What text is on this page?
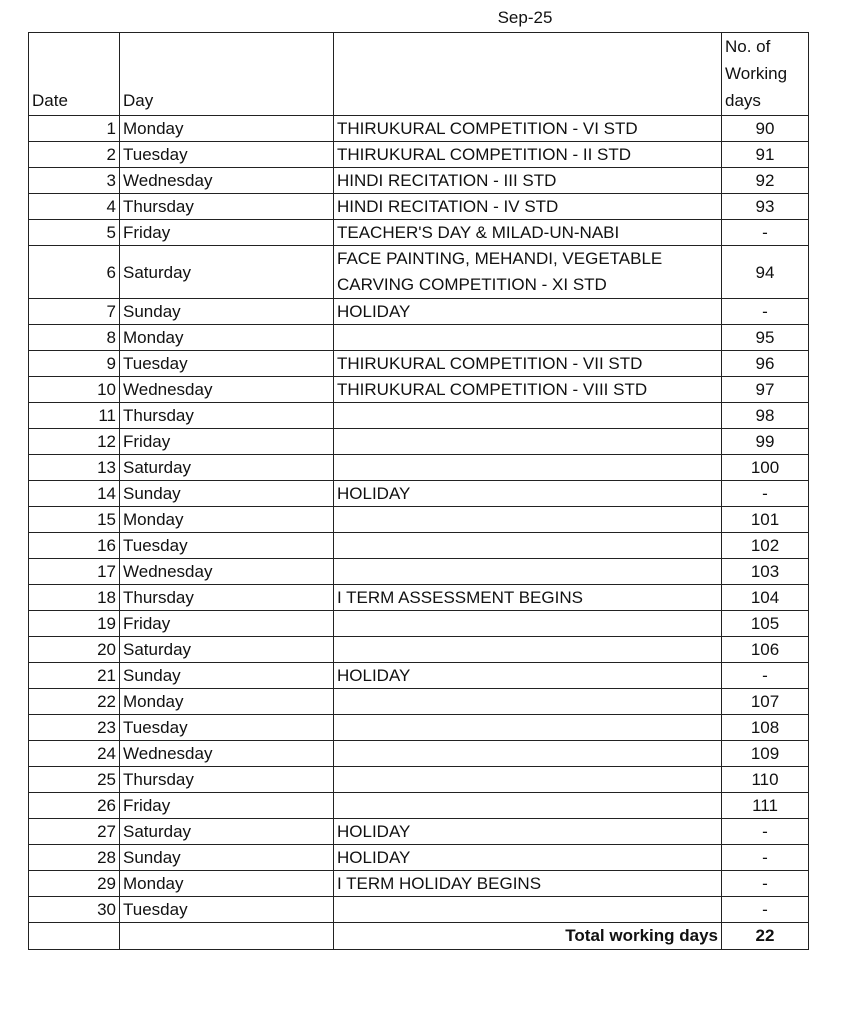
Sep-25
Date	Day		No. of Working days
1	Monday	THIRUKURAL COMPETITION - VI STD	90
2	Tuesday	THIRUKURAL COMPETITION - II STD	91
3	Wednesday	HINDI RECITATION - III STD	92
4	Thursday	HINDI RECITATION - IV STD	93
5	Friday	TEACHER'S DAY & MILAD-UN-NABI	-
6	Saturday	FACE PAINTING, MEHANDI, VEGETABLE CARVING COMPETITION - XI STD	94
7	Sunday	HOLIDAY	-
8	Monday		95
9	Tuesday	THIRUKURAL COMPETITION - VII STD	96
10	Wednesday	THIRUKURAL COMPETITION - VIII STD	97
11	Thursday		98
12	Friday		99
13	Saturday		100
14	Sunday	HOLIDAY	-
15	Monday		101
16	Tuesday		102
17	Wednesday		103
18	Thursday	I TERM ASSESSMENT BEGINS	104
19	Friday		105
20	Saturday		106
21	Sunday	HOLIDAY	-
22	Monday		107
23	Tuesday		108
24	Wednesday		109
25	Thursday		110
26	Friday		111
27	Saturday	HOLIDAY	-
28	Sunday	HOLIDAY	-
29	Monday	I TERM HOLIDAY BEGINS	-
30	Tuesday		-
		Total working days	22
